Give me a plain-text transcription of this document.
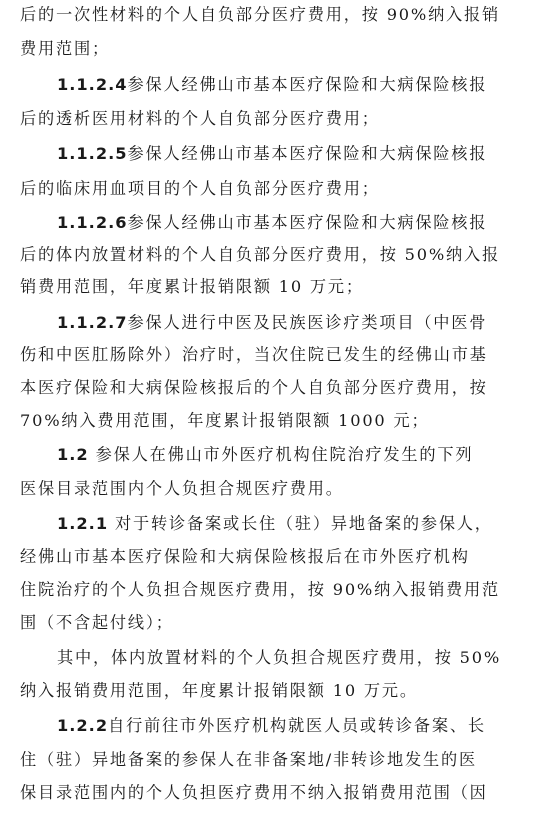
后的一次性材料的个人自负部分医疗费用，按 90%纳入报销
费用范围；
1.1.2.4参保人经佛山市基本医疗保险和大病保险核报
后的透析医用材料的个人自负部分医疗费用；
1.1.2.5参保人经佛山市基本医疗保险和大病保险核报
后的临床用血项目的个人自负部分医疗费用；
1.1.2.6参保人经佛山市基本医疗保险和大病保险核报
后的体内放置材料的个人自负部分医疗费用，按 50%纳入报
销费用范围，年度累计报销限额 10 万元；
1.1.2.7参保人进行中医及民族医诊疗类项目（中医骨
伤和中医肛肠除外）治疗时，当次住院已发生的经佛山市基
本医疗保险和大病保险核报后的个人自负部分医疗费用，按
70%纳入费用范围，年度累计报销限额 1000 元；
1.2 参保人在佛山市外医疗机构住院治疗发生的下列
医保目录范围内个人负担合规医疗费用。
1.2.1 对于转诊备案或长住（驻）异地备案的参保人，
经佛山市基本医疗保险和大病保险核报后在市外医疗机构
住院治疗的个人负担合规医疗费用，按 90%纳入报销费用范
围（不含起付线）；
其中，体内放置材料的个人负担合规医疗费用，按 50%
纳入报销费用范围，年度累计报销限额 10 万元。
1.2.2自行前往市外医疗机构就医人员或转诊备案、长
住（驻）异地备案的参保人在非备案地/非转诊地发生的医
保目录范围内的个人负担医疗费用不纳入报销费用范围（因
